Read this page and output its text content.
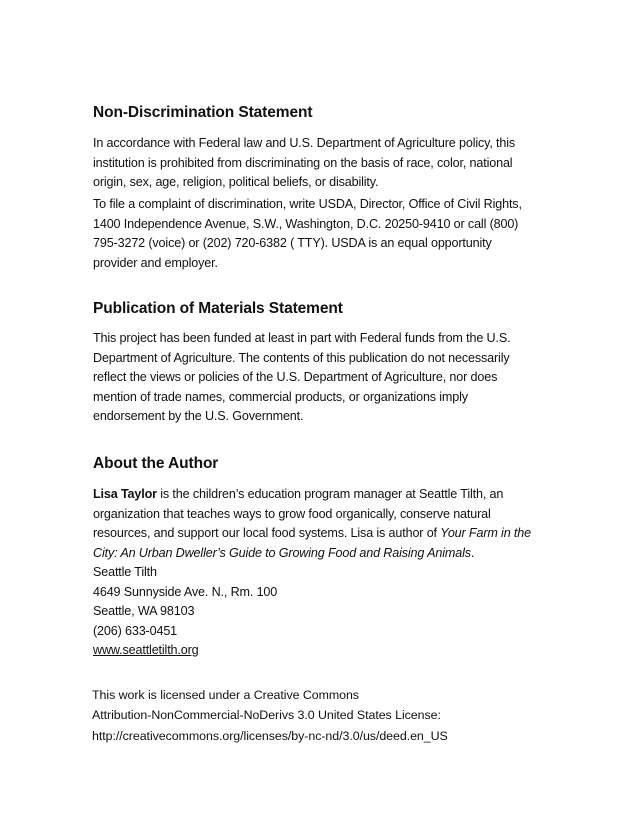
Non-Discrimination Statement
In accordance with Federal law and U.S. Department of Agriculture policy, this
institution is prohibited from discriminating on the basis of race, color, national
origin, sex, age, religion, political beliefs, or disability.
To file a complaint of discrimination, write USDA, Director, Office of Civil Rights,
1400 Independence Avenue, S.W., Washington, D.C. 20250-9410 or call (800)
795-3272 (voice) or (202) 720-6382 ( TTY). USDA is an equal opportunity
provider and employer.
Publication of Materials Statement
This project has been funded at least in part with Federal funds from the U.S.
Department of Agriculture. The contents of this publication do not necessarily
reflect the views or policies of the U.S. Department of Agriculture, nor does
mention of trade names, commercial products, or organizations imply
endorsement by the U.S. Government.
About the Author
Lisa Taylor is the children’s education program manager at Seattle Tilth, an
organization that teaches ways to grow food organically, conserve natural
resources, and support our local food systems. Lisa is author of Your Farm in the
City: An Urban Dweller’s Guide to Growing Food and Raising Animals.
Seattle Tilth
4649 Sunnyside Ave. N., Rm. 100
Seattle, WA 98103
(206) 633-0451
www.seattletilth.org
This work is licensed under a Creative Commons
Attribution-NonCommercial-NoDerivs 3.0 United States License:
http://creativecommons.org/licenses/by-nc-nd/3.0/us/deed.en_US
